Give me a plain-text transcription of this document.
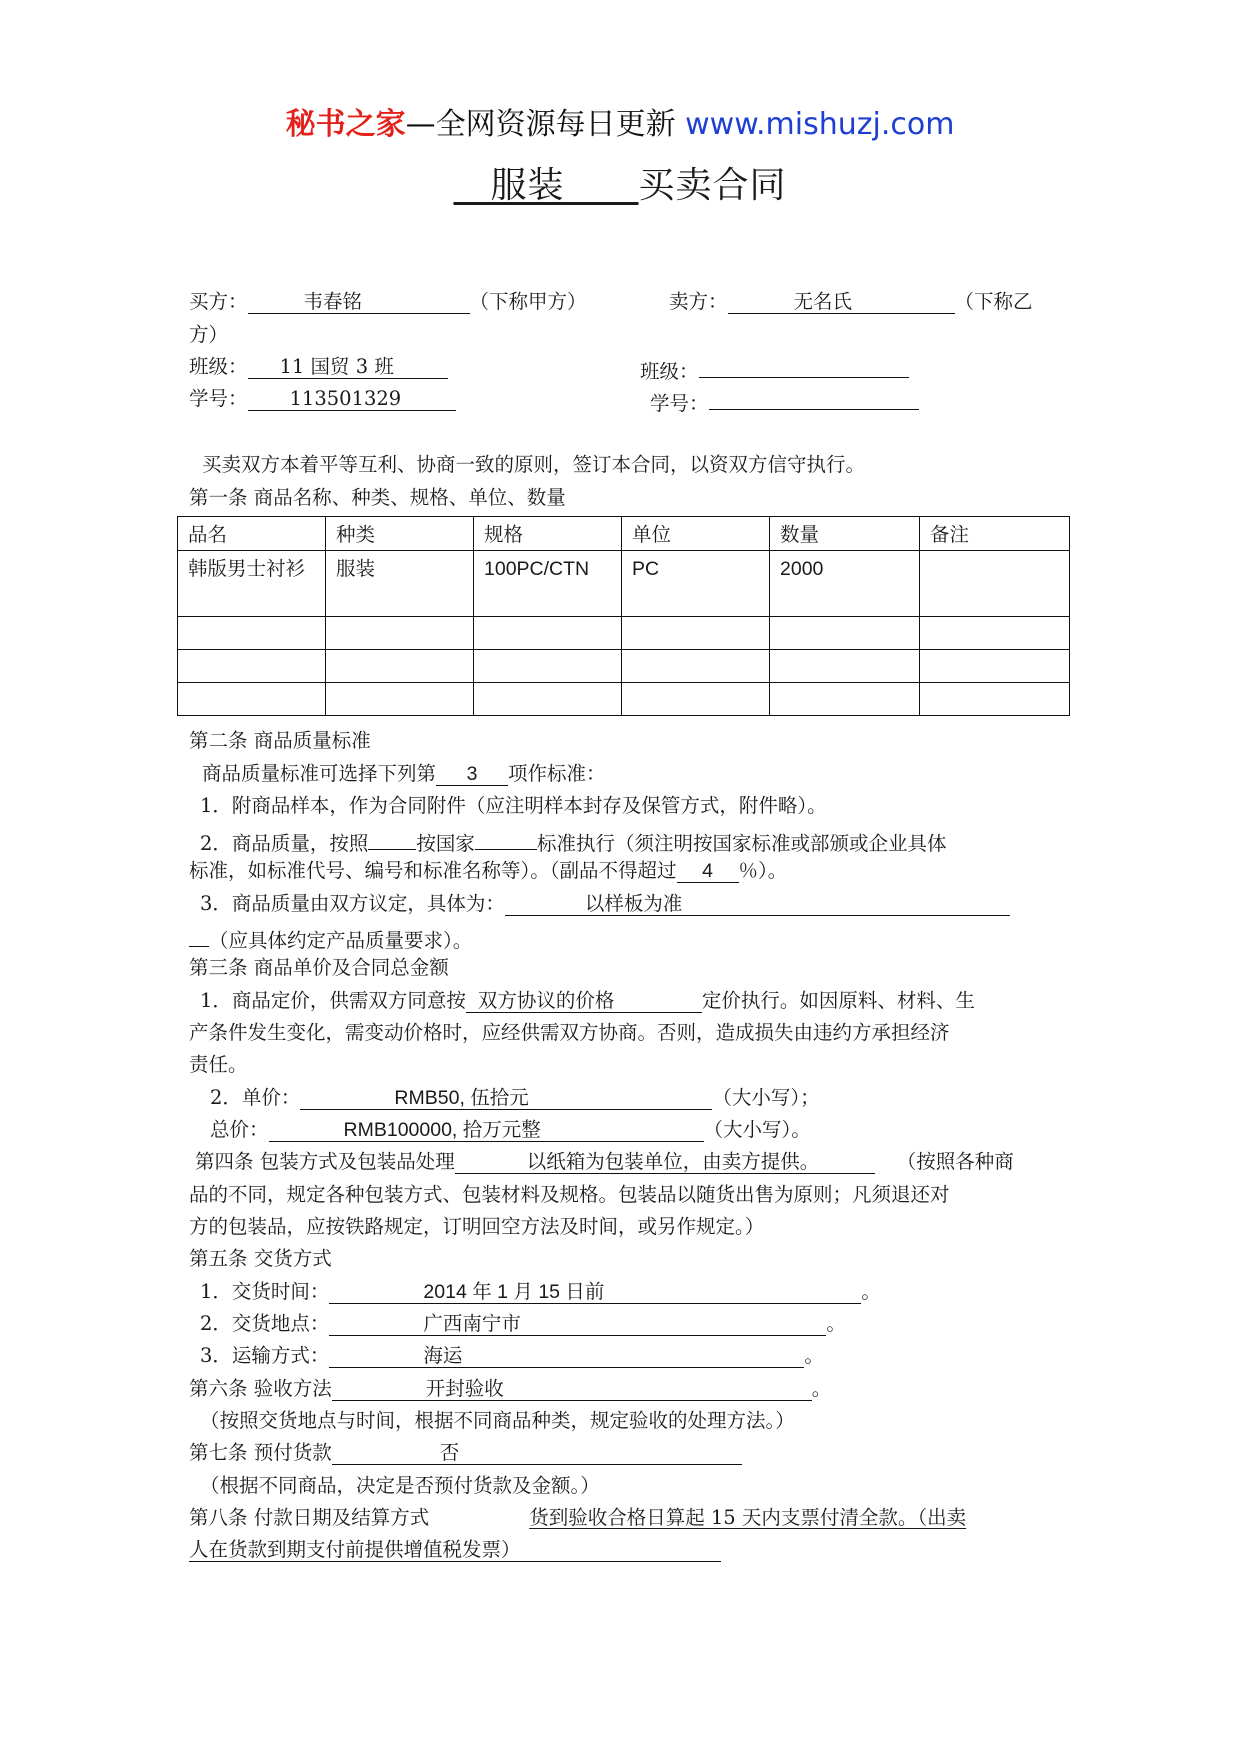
秘书之家—全网资源每日更新 www.mishuzj.com
　服装　　 买卖合同
买方：	韦春铭	（下称甲方）	卖方：	无名氏	（下称乙
方）
班级： 11 国贸 3 班	班级：
学号： 113501329	学号：
买卖双方本着平等互利、协商一致的原则，签订本合同，以资双方信守执行。
第一条 商品名称、种类、规格、单位、数量
品名	种类	规格	单位	数量	备注
韩版男士衬衫	服装	100PC/CTN	PC	2000	

第二条 商品质量标准
商品质量标准可选择下列第 3 项作标准：
1．附商品样本，作为合同附件（应注明样本封存及保管方式，附件略）。
2．商品质量，按照 按国家	标准执行（须注明按国家标准或部颁或企业具体
标准，如标准代号、编号和标准名称等）。（副品不得超过 4 ％）。
3．商品质量由双方议定，具体为：	以样板为准
（应具体约定产品质量要求）。
第三条 商品单价及合同总金额
1．商品定价，供需双方同意按 双方协议的价格	定价执行。如因原料、材料、生
产条件发生变化，需变动价格时，应经供需双方协商。否则，造成损失由违约方承担经济
责任。
2．单价：	RMB50, 伍拾元	（大小写）；
总价：	RMB100000, 拾万元整	（大小写）。
第四条 包装方式及包装品处理	以纸箱为包装单位，由卖方提供。	（按照各种商
品的不同，规定各种包装方式、包装材料及规格。包装品以随货出售为原则；凡须退还对
方的包装品，应按铁路规定，订明回空方法及时间，或另作规定。）
第五条 交货方式
1．交货时间：	2014 年 1 月 15 日前	。
2．交货地点：	广西南宁市	。
3．运输方式：	海运	。
第六条 验收方法	开封验收	。
（按照交货地点与时间，根据不同商品种类，规定验收的处理方法。）
第七条 预付货款	否
（根据不同商品，决定是否预付货款及金额。）
第八条 付款日期及结算方式	货到验收合格日算起 15 天内支票付清全款。（出卖
人在货款到期支付前提供增值税发票）
